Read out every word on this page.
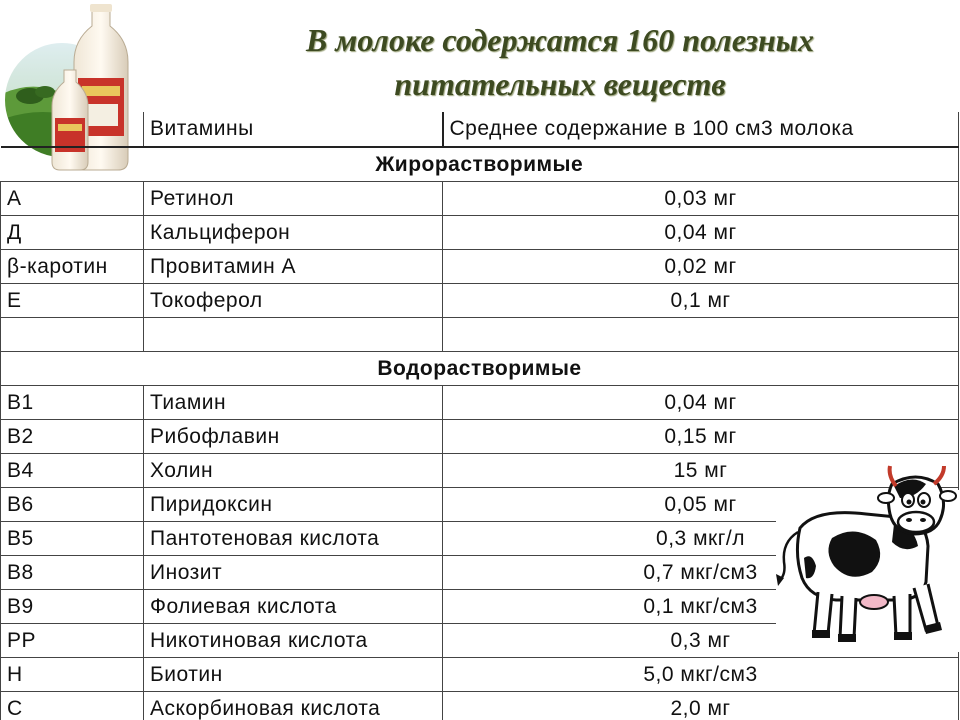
В молоке содержатся 160 полезных
питательных веществ
	Витамины	Среднее содержание в 100 см3 молока
Жирорастворимые		
А	Ретинол	0,03 мг
Д	Кальциферон	0,04 мг
β-каротин	Провитамин А	0,02 мг
Е	Токоферол	0,1 мг

Водорастворимые		
В1	Тиамин	0,04 мг
В2	Рибофлавин	0,15 мг
В4	Холин	15 мг
В6	Пиридоксин	0,05 мг
В5	Пантотеновая кислота	0,3 мкг/л
В8	Инозит	0,7 мкг/см3
В9	Фолиевая кислота	0,1 мкг/см3
РР	Никотиновая кислота	0,3 мг
Н	Биотин	5,0 мкг/см3
С	Аскорбиновая кислота	2,0 мг
